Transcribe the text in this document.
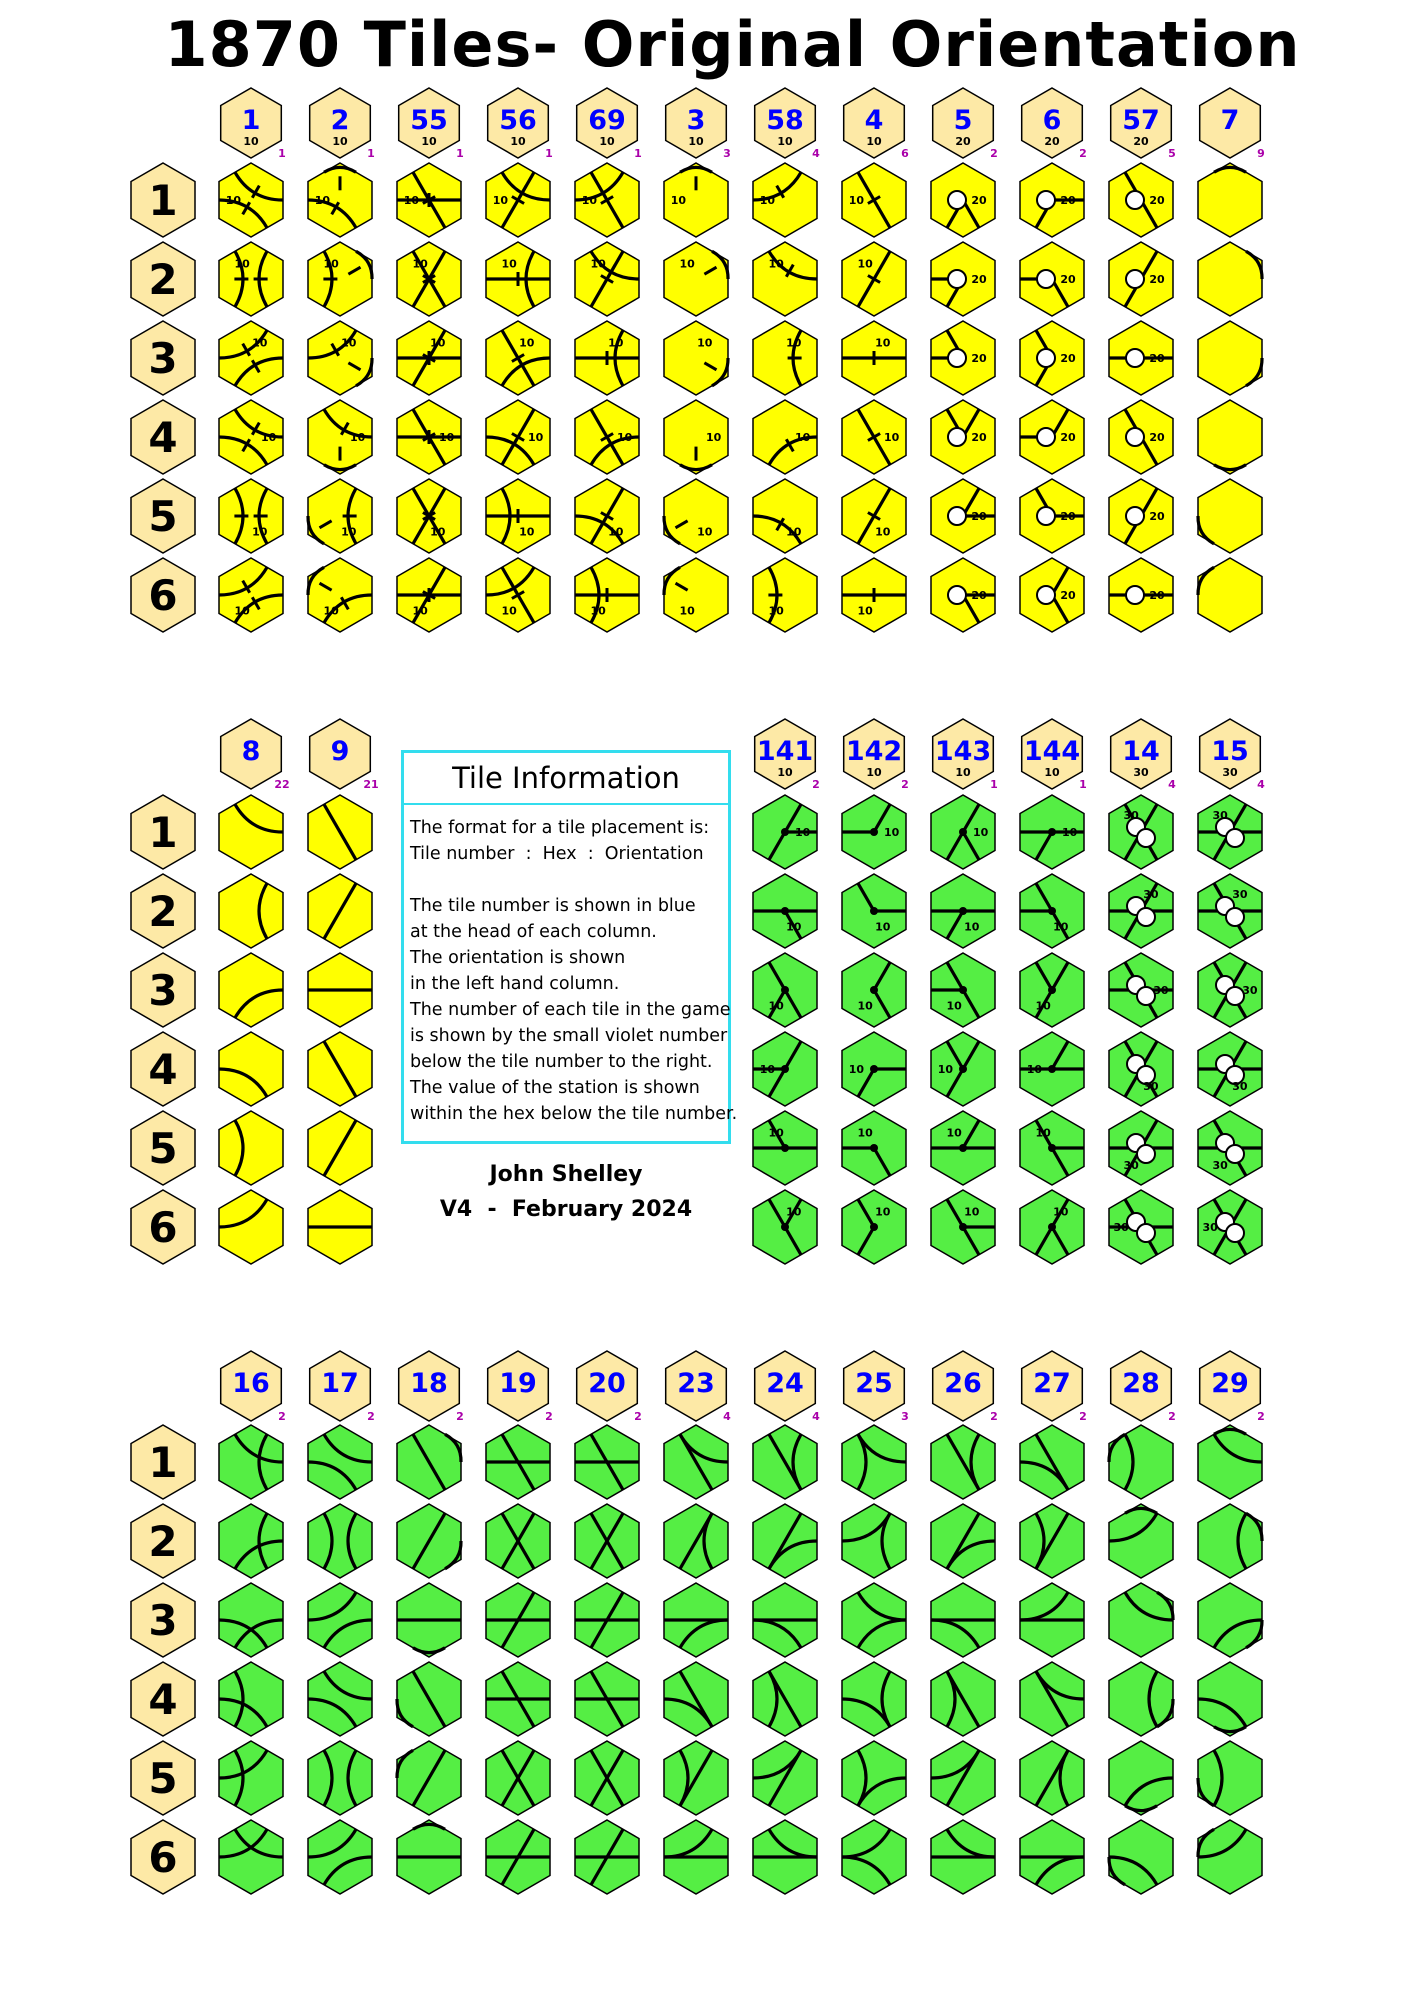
1870 Tiles- Original Orientation
1
2
3
4
5
6
1
10
1
10
10
10
10
10
10
2
10
1
10
10
10
10
10
10
55
10
1
10
10
10
10
10
10
56
10
1
10
10
10
10
10
10
69
10
1
10
10
10
10
10
10
3
10
3
10
10
10
10
10
10
58
10
4
10
10
10
10
10
10
4
10
6
10
10
10
10
10
10
5
20
2
20
20
20
20
20
20
6
20
2
20
20
20
20
20
20
57
20
5
20
20
20
20
20
20
7
9
1
2
3
4
5
6
8
22
9
21
141
10
2
10
10
10
10
10
10
142
10
2
10
10
10
10
10
10
143
10
1
10
10
10
10
10
10
144
10
1
10
10
10
10
10
10
14
30
4
30
30
30
30
30
30
15
30
4
30
30
30
30
30
30
1
2
3
4
5
6
16
2
17
2
18
2
19
2
20
2
23
4
24
4
25
3
26
2
27
2
28
2
29
2
Tile Information
The format for a tile placement is:
Tile number  :  Hex  :  Orientation
The tile number is shown in blue
at the head of each column.
The orientation is shown
in the left hand column.
The number of each tile in the game
is shown by the small violet number
below the tile number to the right.
The value of the station is shown
within the hex below the tile number.
John Shelley
V4  -  February 2024
